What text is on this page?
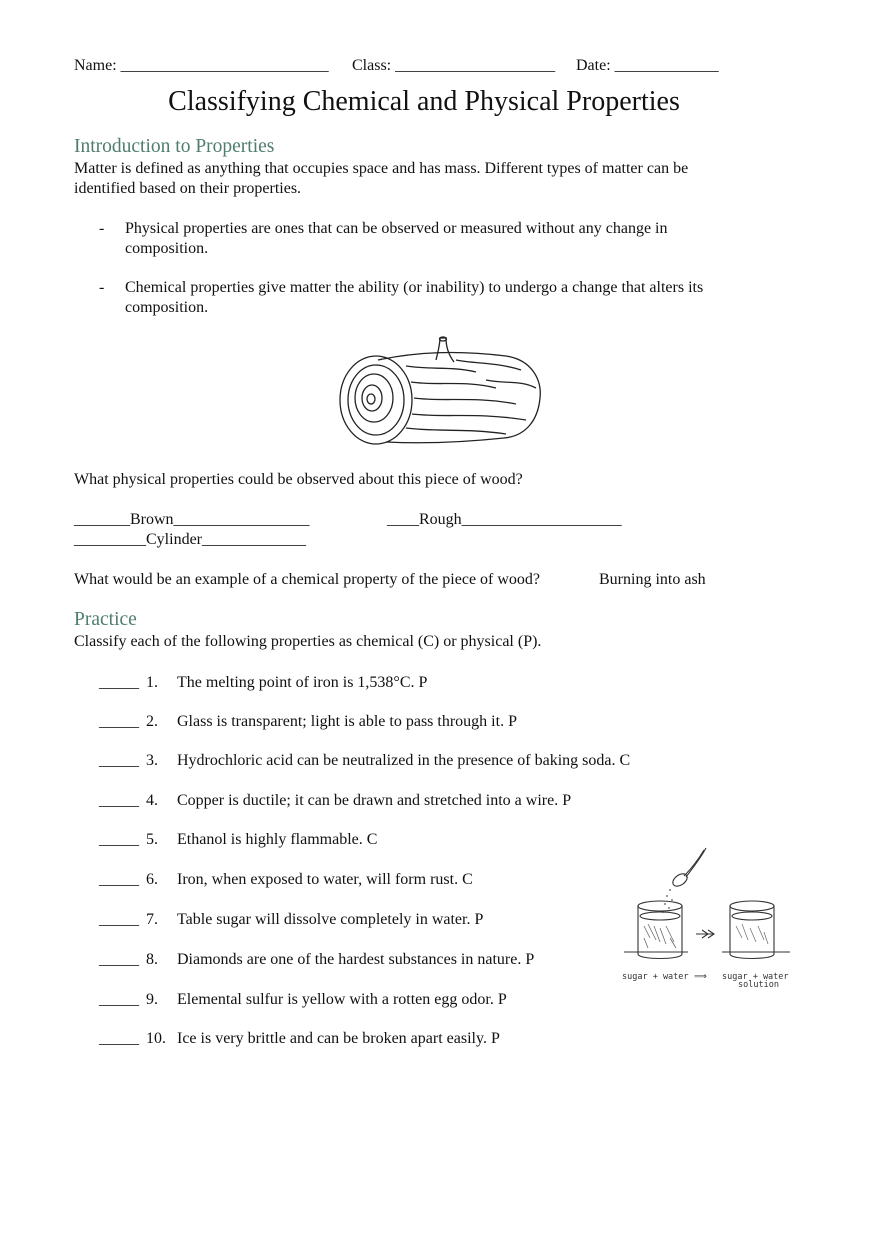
Name: __________________________ Class: ____________________ Date: _____________
Classifying Chemical and Physical Properties
Introduction to Properties
Matter is defined as anything that occupies space and has mass. Different types of matter can be
identified based on their properties.
- Physical properties are ones that can be observed or measured without any change in
composition.
- Chemical properties give matter the ability (or inability) to undergo a change that alters its
composition.
What physical properties could be observed about this piece of wood?
_______Brown_________________	____Rough____________________
_________Cylinder_____________
What would be an example of a chemical property of the piece of wood?	Burning into ash
Practice
Classify each of the following properties as chemical (C) or physical (P).
_____ 1. The melting point of iron is 1,538°C. P
_____ 2. Glass is transparent; light is able to pass through it. P
_____ 3. Hydrochloric acid can be neutralized in the presence of baking soda. C
_____ 4. Copper is ductile; it can be drawn and stretched into a wire. P
_____ 5. Ethanol is highly flammable. C
_____ 6. Iron, when exposed to water, will form rust. C
_____ 7. Table sugar will dissolve completely in water. P
_____ 8. Diamonds are one of the hardest substances in nature. P
_____ 9. Elemental sulfur is yellow with a rotten egg odor. P
_____ 10. Ice is very brittle and can be broken apart easily. P
sugar + water ⟹ sugar + water
solution
